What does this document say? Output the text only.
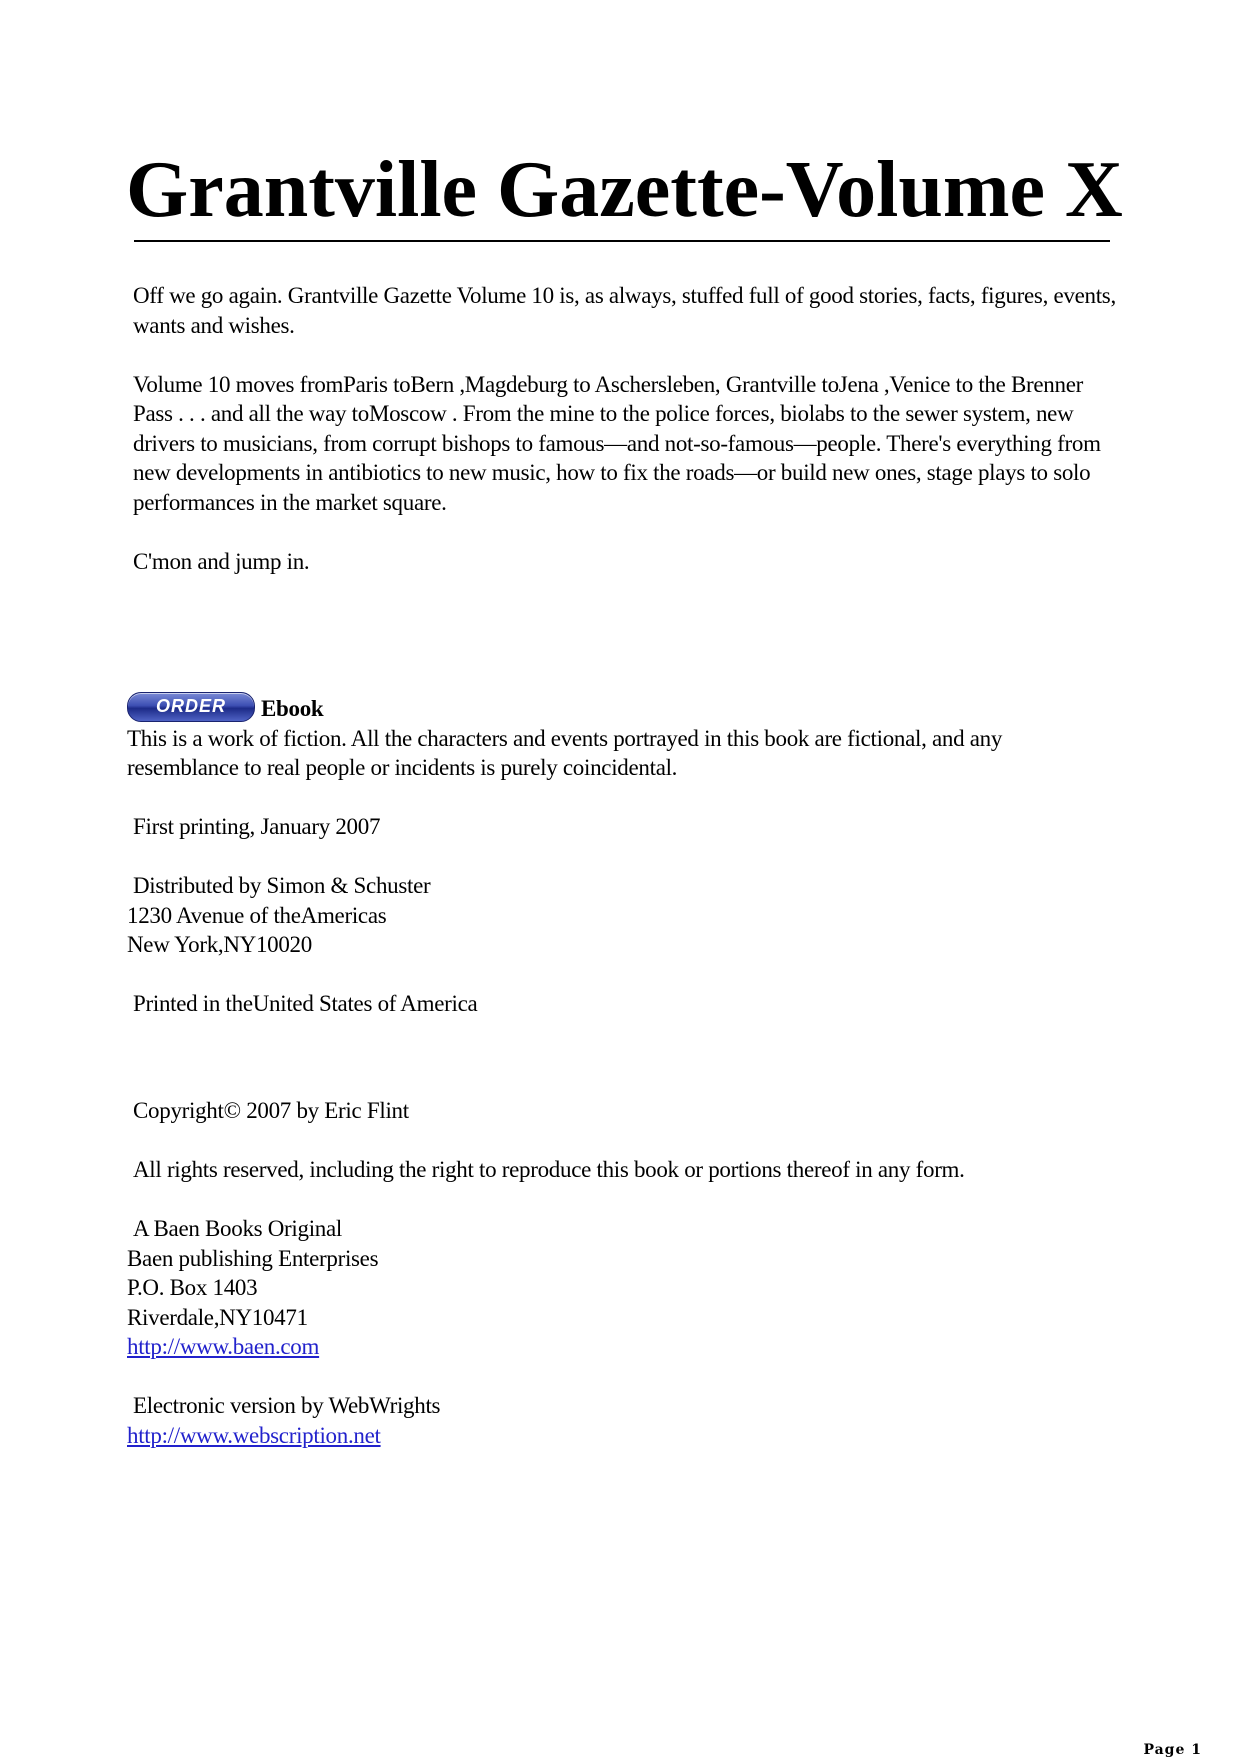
Grantville Gazette-Volume X

Off we go again. Grantville Gazette Volume 10 is, as always, stuffed full of good stories, facts, figures, events, wants and wishes.

Volume 10 moves fromParis toBern ,Magdeburg to Aschersleben, Grantville toJena ,Venice to the Brenner Pass . . . and all the way toMoscow . From the mine to the police forces, biolabs to the sewer system, new drivers to musicians, from corrupt bishops to famous—and not-so-famous—people. There's everything from new developments in antibiotics to new music, how to fix the roads—or build new ones, stage plays to solo performances in the market square.

C'mon and jump in.

ORDER	Ebook

This is a work of fiction. All the characters and events portrayed in this book are fictional, and any resemblance to real people or incidents is purely coincidental.

First printing, January 2007

Distributed by Simon & Schuster
1230 Avenue of theAmericas
New York,NY10020

Printed in theUnited States of America

Copyright© 2007 by Eric Flint

All rights reserved, including the right to reproduce this book or portions thereof in any form.

A Baen Books Original
Baen publishing Enterprises
P.O. Box 1403
Riverdale,NY10471
http://www.baen.com

Electronic version by WebWrights
http://www.webscription.net

Page 1
